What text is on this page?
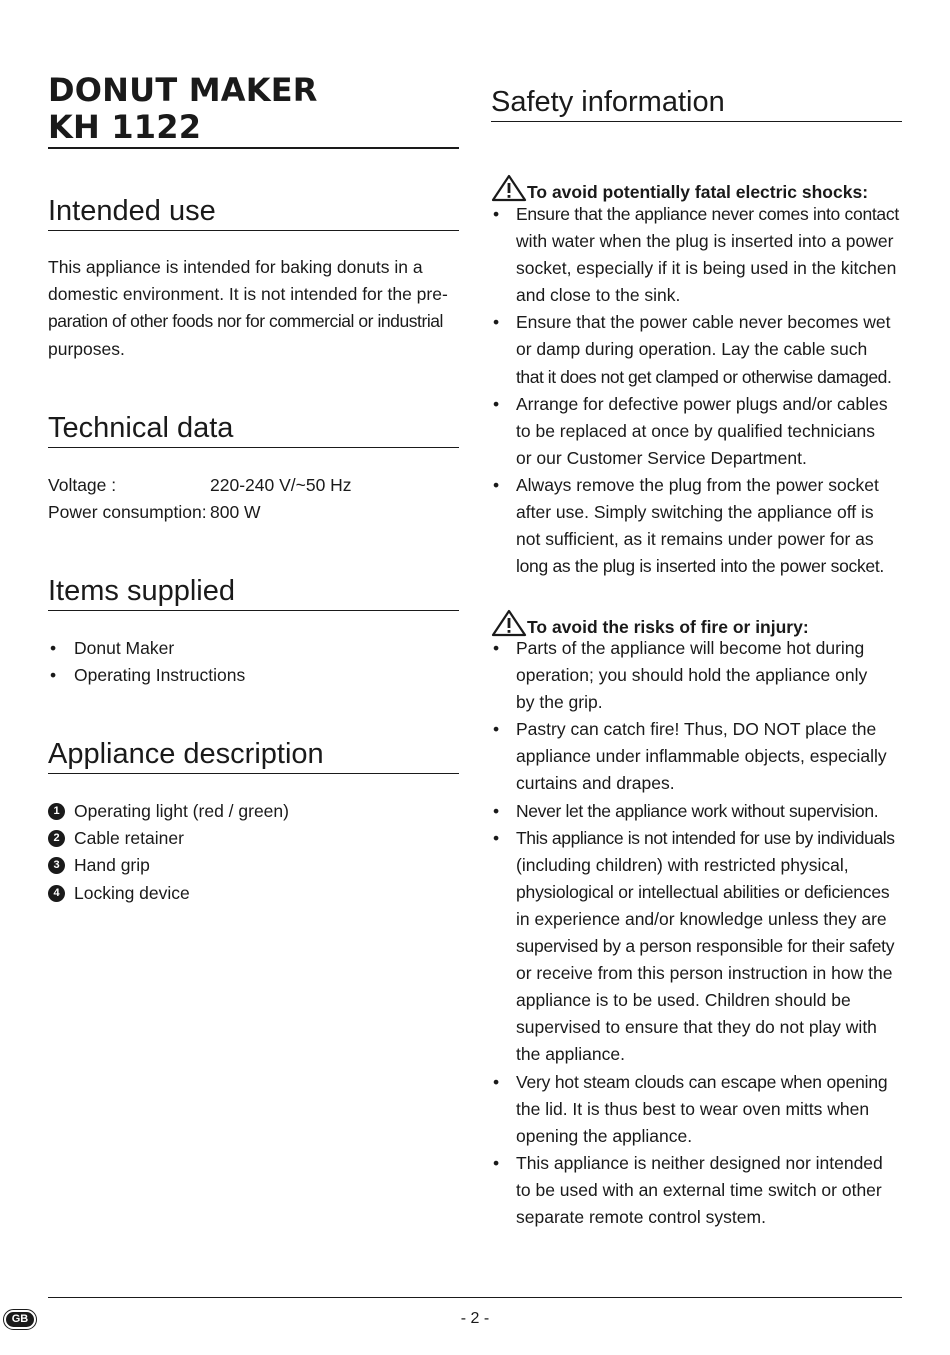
DONUT MAKER
KH 1122
Intended use

This appliance is intended for baking donuts in a
domestic environment. It is not intended for the pre-
paration of other foods nor for commercial or industrial
purposes.

Technical data
Voltage :	220-240 V/~50 Hz
Power consumption: 800 W
Items supplied
• Donut Maker
• Operating Instructions
Appliance description
1 Operating light (red / green)
2 Cable retainer
3 Hand grip
4 Locking device
Safety information
To avoid potentially fatal electric shocks:
• Ensure that the appliance never comes into contact
with water when the plug is inserted into a power
socket, especially if it is being used in the kitchen
and close to the sink.
• Ensure that the power cable never becomes wet
or damp during operation. Lay the cable such
that it does not get clamped or otherwise damaged.
• Arrange for defective power plugs and/or cables
to be replaced at once by qualified technicians
or our Customer Service Department.
• Always remove the plug from the power socket
after use. Simply switching the appliance off is
not sufficient, as it remains under power for as
long as the plug is inserted into the power socket.
To avoid the risks of fire or injury:
• Parts of the appliance will become hot during
operation; you should hold the appliance only
by the grip.
• Pastry can catch fire! Thus, DO NOT place the
appliance under inflammable objects, especially
curtains and drapes.
• Never let the appliance work without supervision.
• This appliance is not intended for use by individuals
(including children) with restricted physical,
physiological or intellectual abilities or deficiences
in experience and/or knowledge unless they are
supervised by a person responsible for their safety
or receive from this person instruction in how the
appliance is to be used. Children should be
supervised to ensure that they do not play with
the appliance.
• Very hot steam clouds can escape when opening
the lid. It is thus best to wear oven mitts when
opening the appliance.
• This appliance is neither designed nor intended
to be used with an external time switch or other
separate remote control system.
GB	- 2 -
